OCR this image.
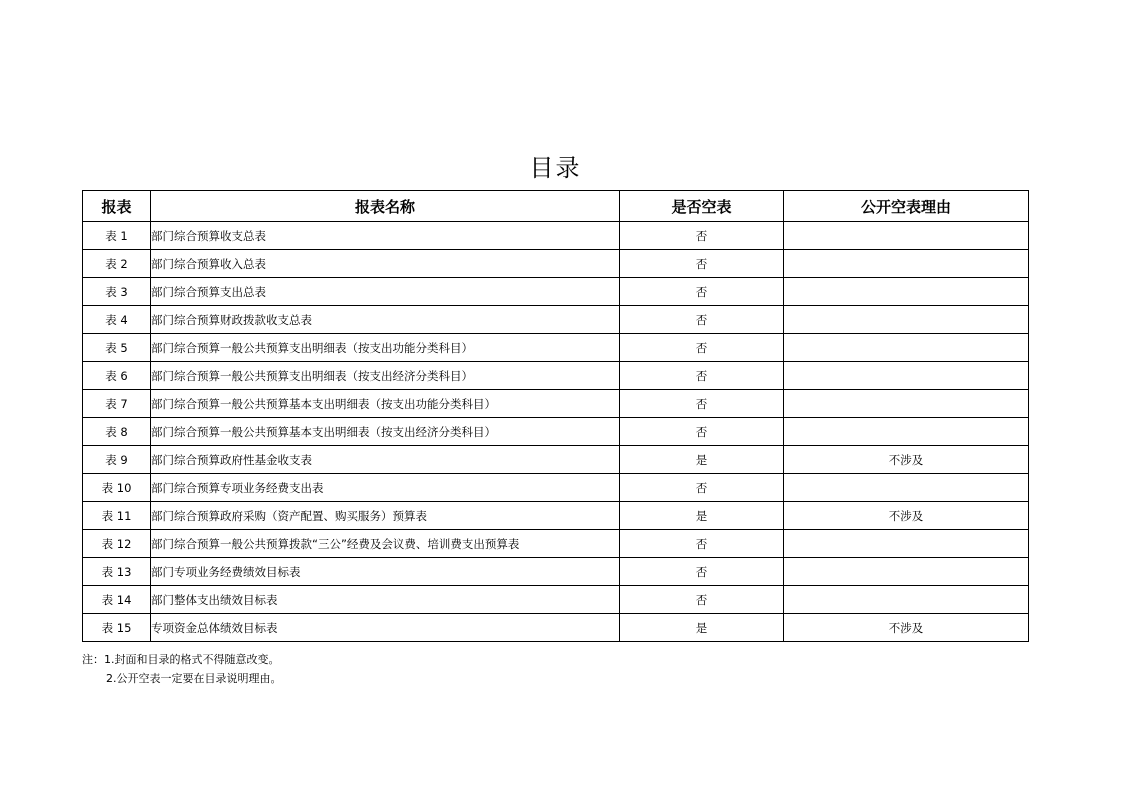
目录
报表	报表名称	是否空表	公开空表理由
表 1	部门综合预算收支总表	否	
表 2	部门综合预算收入总表	否	
表 3	部门综合预算支出总表	否	
表 4	部门综合预算财政拨款收支总表	否	
表 5	部门综合预算一般公共预算支出明细表（按支出功能分类科目）	否	
表 6	部门综合预算一般公共预算支出明细表（按支出经济分类科目）	否	
表 7	部门综合预算一般公共预算基本支出明细表（按支出功能分类科目）	否	
表 8	部门综合预算一般公共预算基本支出明细表（按支出经济分类科目）	否	
表 9	部门综合预算政府性基金收支表	是	不涉及
表 10	部门综合预算专项业务经费支出表	否	
表 11	部门综合预算政府采购（资产配置、购买服务）预算表	是	不涉及
表 12	部门综合预算一般公共预算拨款“三公”经费及会议费、培训费支出预算表	否	
表 13	部门专项业务经费绩效目标表	否	
表 14	部门整体支出绩效目标表	否	
表 15	专项资金总体绩效目标表	是	不涉及
注：1.封面和目录的格式不得随意改变。
2.公开空表一定要在目录说明理由。
